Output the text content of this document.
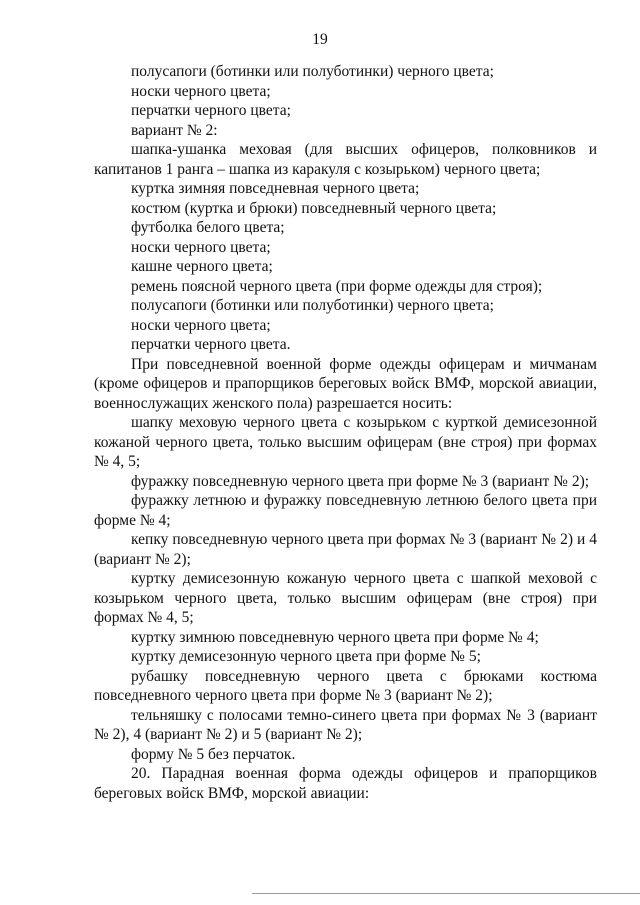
19

полусапоги (ботинки или полуботинки) черного цвета;

носки черного цвета;

перчатки черного цвета;

вариант № 2:

шапка-ушанка меховая (для высших офицеров, полковников и капитанов 1 ранга – шапка из каракуля с козырьком) черного цвета;

куртка зимняя повседневная черного цвета;

костюм (куртка и брюки) повседневный черного цвета;

футболка белого цвета;

носки черного цвета;

кашне черного цвета;

ремень поясной черного цвета (при форме одежды для строя);

полусапоги (ботинки или полуботинки) черного цвета;

носки черного цвета;

перчатки черного цвета.

При повседневной военной форме одежды офицерам и мичманам (кроме офицеров и прапорщиков береговых войск ВМФ, морской авиации, военнослужащих женского пола) разрешается носить:

шапку меховую черного цвета с козырьком с курткой демисезонной кожаной черного цвета, только высшим офицерам (вне строя) при формах № 4, 5;

фуражку повседневную черного цвета при форме № 3 (вариант № 2);

фуражку летнюю и фуражку повседневную летнюю белого цвета при форме № 4;

кепку повседневную черного цвета при формах № 3 (вариант № 2) и 4 (вариант № 2);

куртку демисезонную кожаную черного цвета с шапкой меховой с козырьком черного цвета, только высшим офицерам (вне строя) при формах № 4, 5;

куртку зимнюю повседневную черного цвета при форме № 4;

куртку демисезонную черного цвета при форме № 5;

рубашку повседневную черного цвета с брюками костюма повседневного черного цвета при форме № 3 (вариант № 2);

тельняшку с полосами темно-синего цвета при формах № 3 (вариант № 2), 4 (вариант № 2) и 5 (вариант № 2);

форму № 5 без перчаток.

20. Парадная военная форма одежды офицеров и прапорщиков береговых войск ВМФ, морской авиации:
